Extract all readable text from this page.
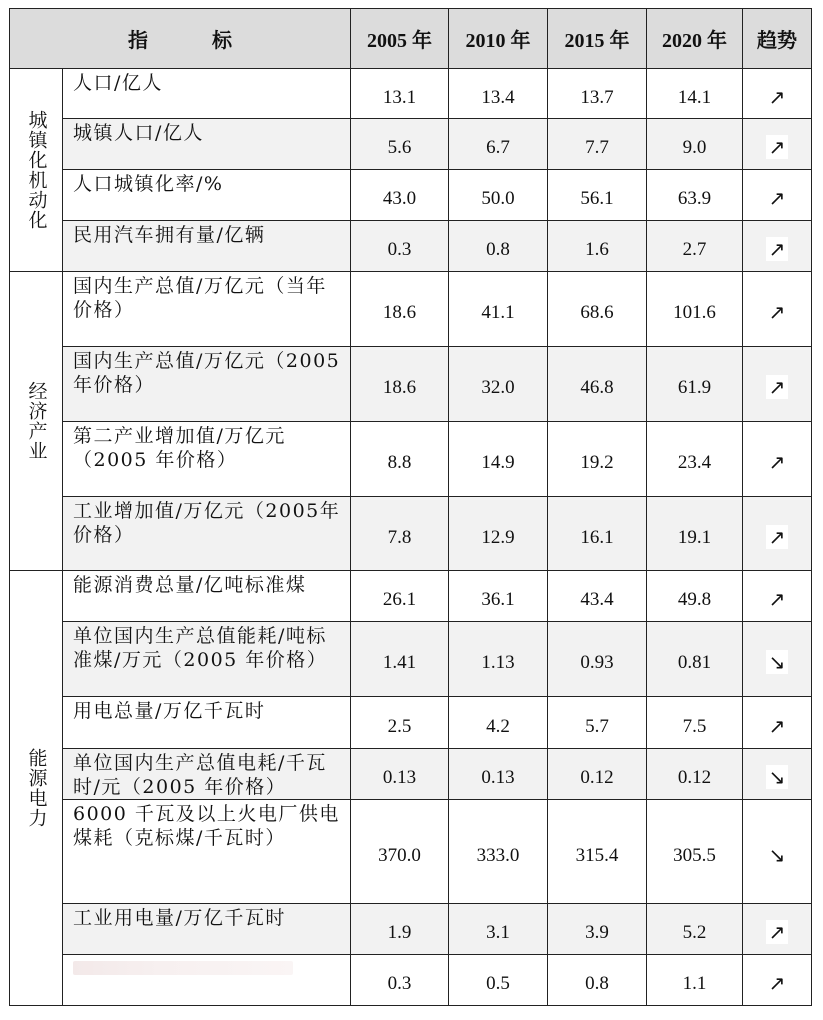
指　标		2005 年	2010 年	2015 年	2020 年	趋势
城镇化机动化	人口/亿人	13.1	13.4	13.7	14.1	↗
	城镇人口/亿人	5.6	6.7	7.7	9.0	↗
	人口城镇化率/%	43.0	50.0	56.1	63.9	↗
	民用汽车拥有量/亿辆	0.3	0.8	1.6	2.7	↗
经济产业	国内生产总值/万亿元（当年价格）	18.6	41.1	68.6	101.6	↗
	国内生产总值/万亿元（2005年价格）	18.6	32.0	46.8	61.9	↗
	第二产业增加值/万亿元（2005 年价格）	8.8	14.9	19.2	23.4	↗
	工业增加值/万亿元（2005年价格）	7.8	12.9	16.1	19.1	↗
能源电力	能源消费总量/亿吨标准煤	26.1	36.1	43.4	49.8	↗
	单位国内生产总值能耗/吨标准煤/万元（2005 年价格）	1.41	1.13	0.93	0.81	↘
	用电总量/万亿千瓦时	2.5	4.2	5.7	7.5	↗
	单位国内生产总值电耗/千瓦时/元（2005 年价格）	0.13	0.13	0.12	0.12	↘
	6000 千瓦及以上火电厂供电煤耗（克标煤/千瓦时）	370.0	333.0	315.4	305.5	↘
	工业用电量/万亿千瓦时	1.9	3.1	3.9	5.2	↗
		0.3	0.5	0.8	1.1	↗
